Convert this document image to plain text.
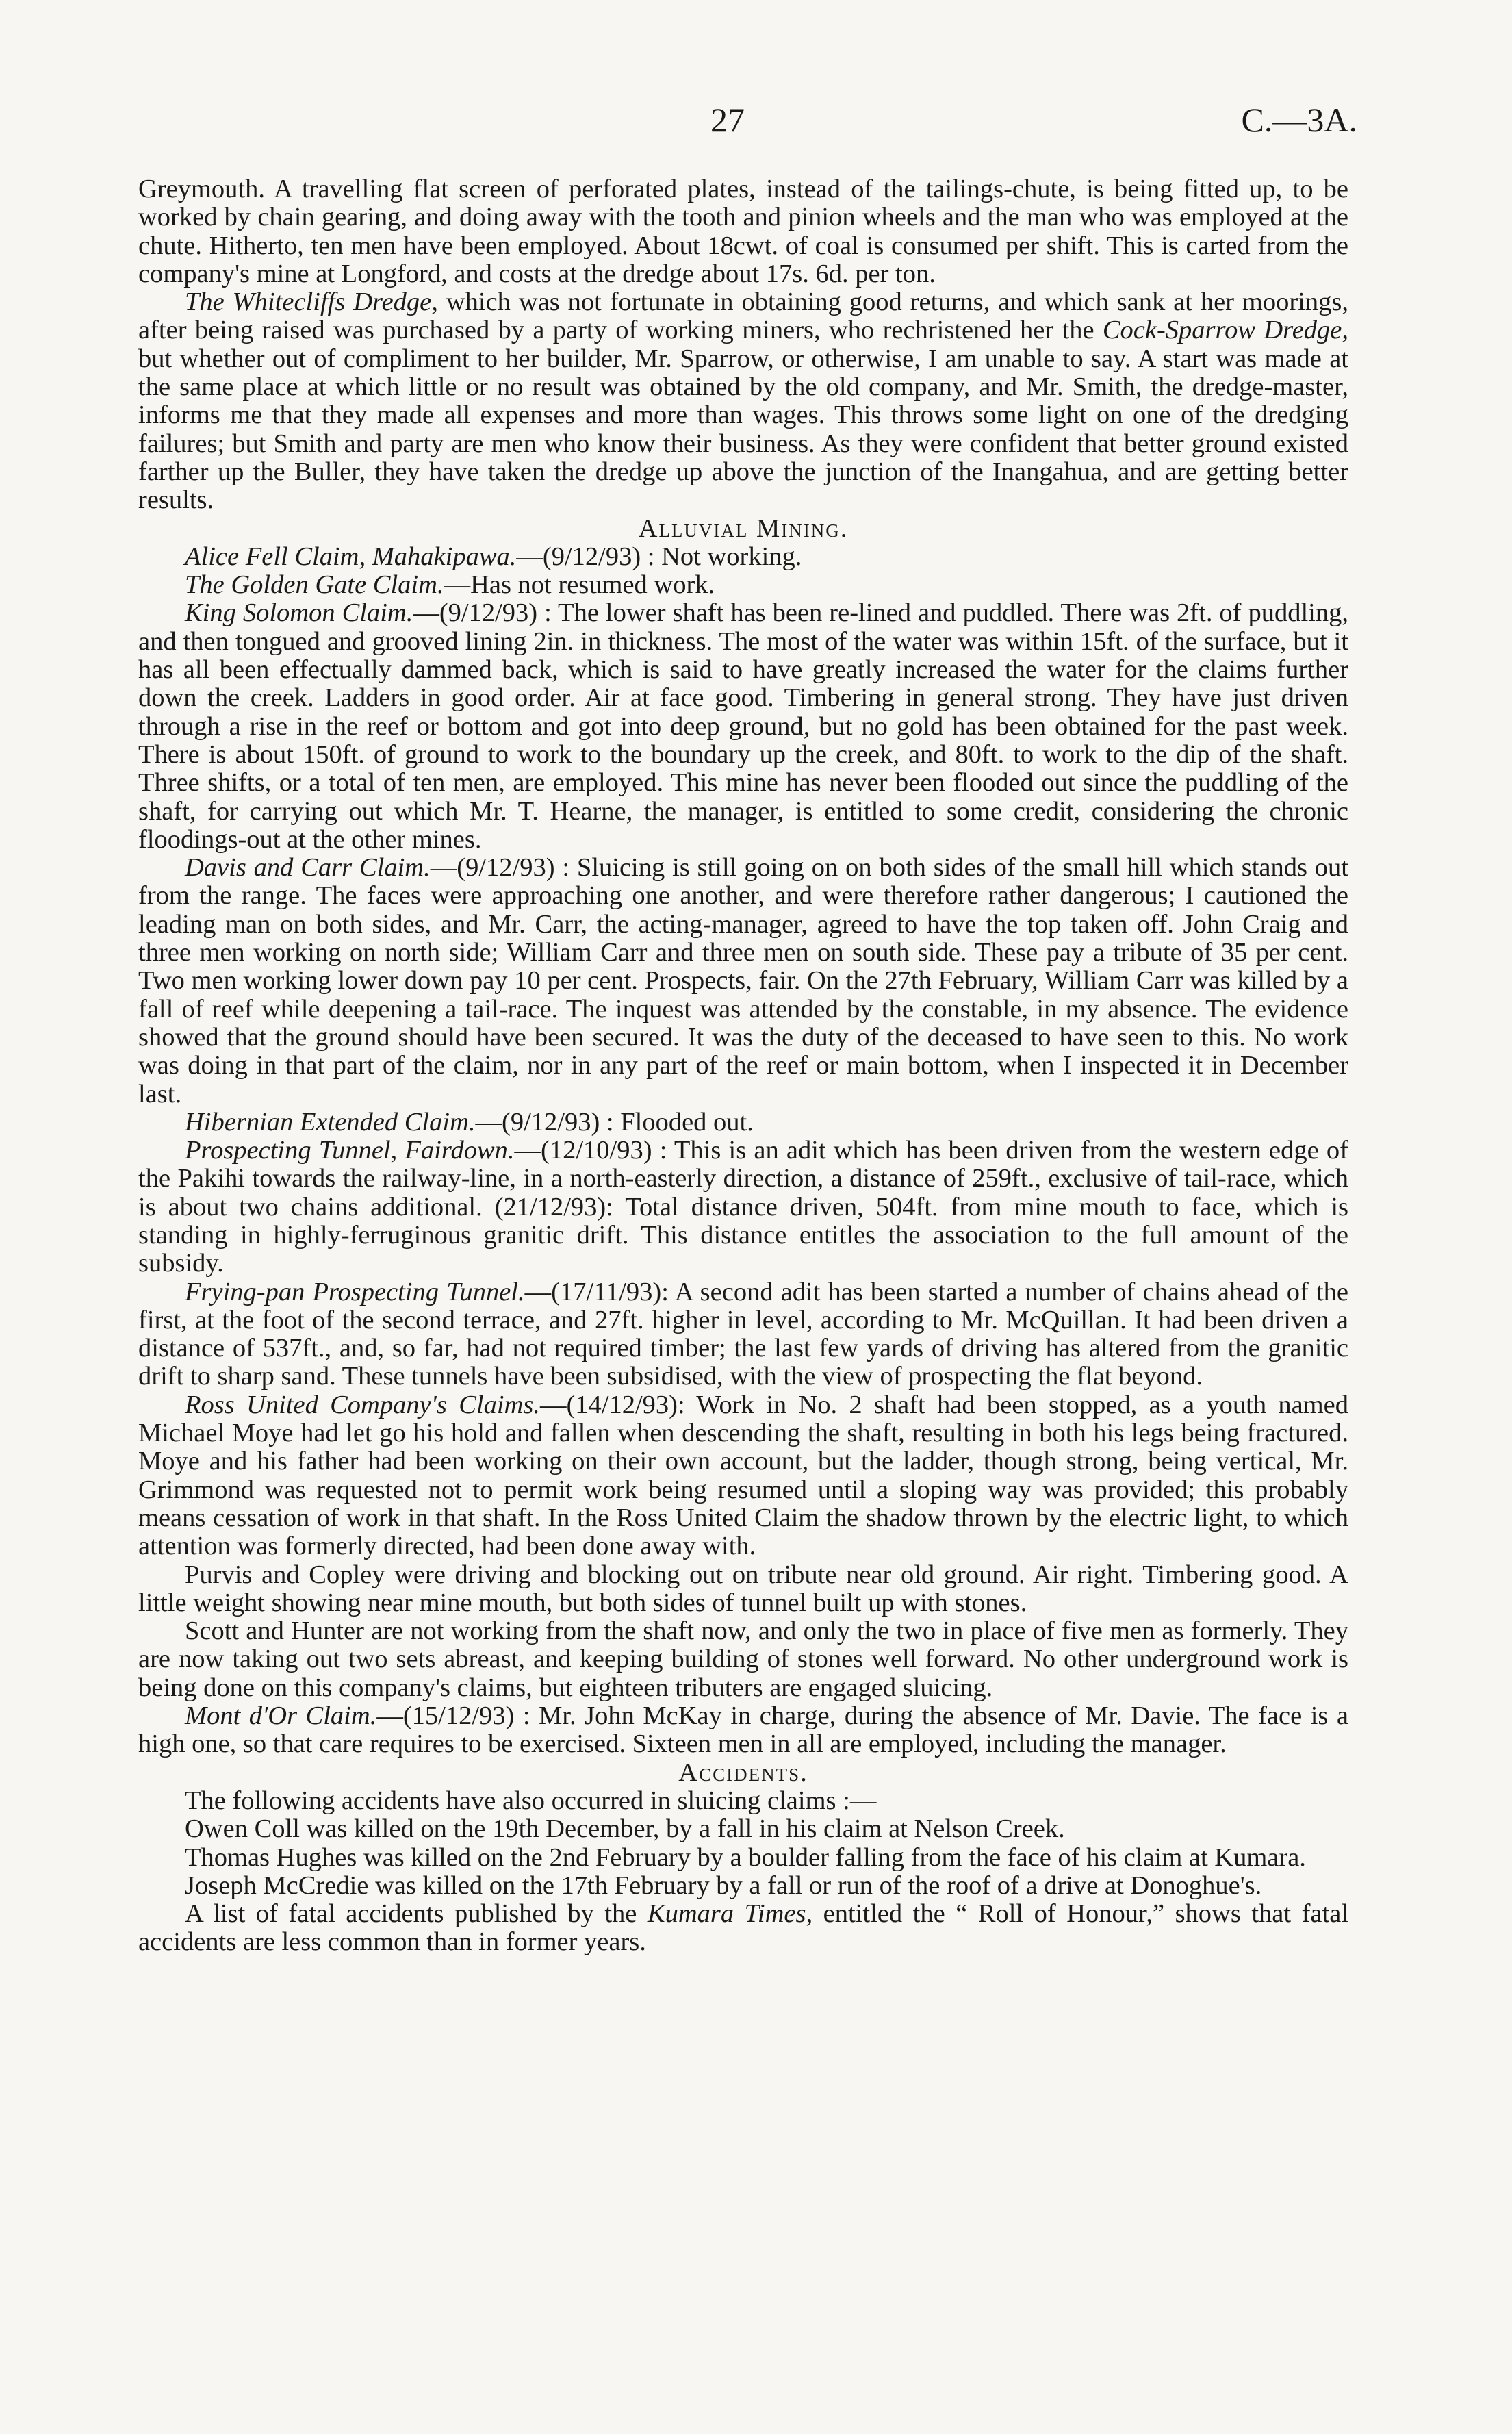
27	C.—3A.

Greymouth. A travelling flat screen of perforated plates, instead of the tailings-chute, is being fitted up, to be worked by chain gearing, and doing away with the tooth and pinion wheels and the man who was employed at the chute. Hitherto, ten men have been employed. About 18cwt. of coal is consumed per shift. This is carted from the company's mine at Longford, and costs at the dredge about 17s. 6d. per ton.

The Whitecliffs Dredge, which was not fortunate in obtaining good returns, and which sank at her moorings, after being raised was purchased by a party of working miners, who rechristened her the Cock-Sparrow Dredge, but whether out of compliment to her builder, Mr. Sparrow, or otherwise, I am unable to say. A start was made at the same place at which little or no result was obtained by the old company, and Mr. Smith, the dredge-master, informs me that they made all expenses and more than wages. This throws some light on one of the dredging failures; but Smith and party are men who know their business. As they were confident that better ground existed farther up the Buller, they have taken the dredge up above the junction of the Inangahua, and are getting better results.

Alluvial Mining.

Alice Fell Claim, Mahakipawa.—(9/12/93) : Not working.

The Golden Gate Claim.—Has not resumed work.

King Solomon Claim.—(9/12/93) : The lower shaft has been re-lined and puddled. There was 2ft. of puddling, and then tongued and grooved lining 2in. in thickness. The most of the water was within 15ft. of the surface, but it has all been effectually dammed back, which is said to have greatly increased the water for the claims further down the creek. Ladders in good order. Air at face good. Timbering in general strong. They have just driven through a rise in the reef or bottom and got into deep ground, but no gold has been obtained for the past week. There is about 150ft. of ground to work to the boundary up the creek, and 80ft. to work to the dip of the shaft. Three shifts, or a total of ten men, are employed. This mine has never been flooded out since the puddling of the shaft, for carrying out which Mr. T. Hearne, the manager, is entitled to some credit, considering the chronic floodings-out at the other mines.

Davis and Carr Claim.—(9/12/93) : Sluicing is still going on on both sides of the small hill which stands out from the range. The faces were approaching one another, and were therefore rather dangerous; I cautioned the leading man on both sides, and Mr. Carr, the acting-manager, agreed to have the top taken off. John Craig and three men working on north side; William Carr and three men on south side. These pay a tribute of 35 per cent. Two men working lower down pay 10 per cent. Prospects, fair. On the 27th February, William Carr was killed by a fall of reef while deepening a tail-race. The inquest was attended by the constable, in my absence. The evidence showed that the ground should have been secured. It was the duty of the deceased to have seen to this. No work was doing in that part of the claim, nor in any part of the reef or main bottom, when I inspected it in December last.

Hibernian Extended Claim.—(9/12/93) : Flooded out.

Prospecting Tunnel, Fairdown.—(12/10/93) : This is an adit which has been driven from the western edge of the Pakihi towards the railway-line, in a north-easterly direction, a distance of 259ft., exclusive of tail-race, which is about two chains additional. (21/12/93): Total distance driven, 504ft. from mine mouth to face, which is standing in highly-ferruginous granitic drift. This distance entitles the association to the full amount of the subsidy.

Frying-pan Prospecting Tunnel.—(17/11/93): A second adit has been started a number of chains ahead of the first, at the foot of the second terrace, and 27ft. higher in level, according to Mr. McQuillan. It had been driven a distance of 537ft., and, so far, had not required timber; the last few yards of driving has altered from the granitic drift to sharp sand. These tunnels have been subsidised, with the view of prospecting the flat beyond.

Ross United Company's Claims.—(14/12/93): Work in No. 2 shaft had been stopped, as a youth named Michael Moye had let go his hold and fallen when descending the shaft, resulting in both his legs being fractured. Moye and his father had been working on their own account, but the ladder, though strong, being vertical, Mr. Grimmond was requested not to permit work being resumed until a sloping way was provided; this probably means cessation of work in that shaft. In the Ross United Claim the shadow thrown by the electric light, to which attention was formerly directed, had been done away with.

Purvis and Copley were driving and blocking out on tribute near old ground. Air right. Timbering good. A little weight showing near mine mouth, but both sides of tunnel built up with stones.

Scott and Hunter are not working from the shaft now, and only the two in place of five men as formerly. They are now taking out two sets abreast, and keeping building of stones well forward. No other underground work is being done on this company's claims, but eighteen tributers are engaged sluicing.

Mont d'Or Claim.—(15/12/93) : Mr. John McKay in charge, during the absence of Mr. Davie. The face is a high one, so that care requires to be exercised. Sixteen men in all are employed, including the manager.

Accidents.

The following accidents have also occurred in sluicing claims :—

Owen Coll was killed on the 19th December, by a fall in his claim at Nelson Creek.

Thomas Hughes was killed on the 2nd February by a boulder falling from the face of his claim at Kumara.

Joseph McCredie was killed on the 17th February by a fall or run of the roof of a drive at Donoghue's.

A list of fatal accidents published by the Kumara Times, entitled the “ Roll of Honour,” shows that fatal accidents are less common than in former years.
